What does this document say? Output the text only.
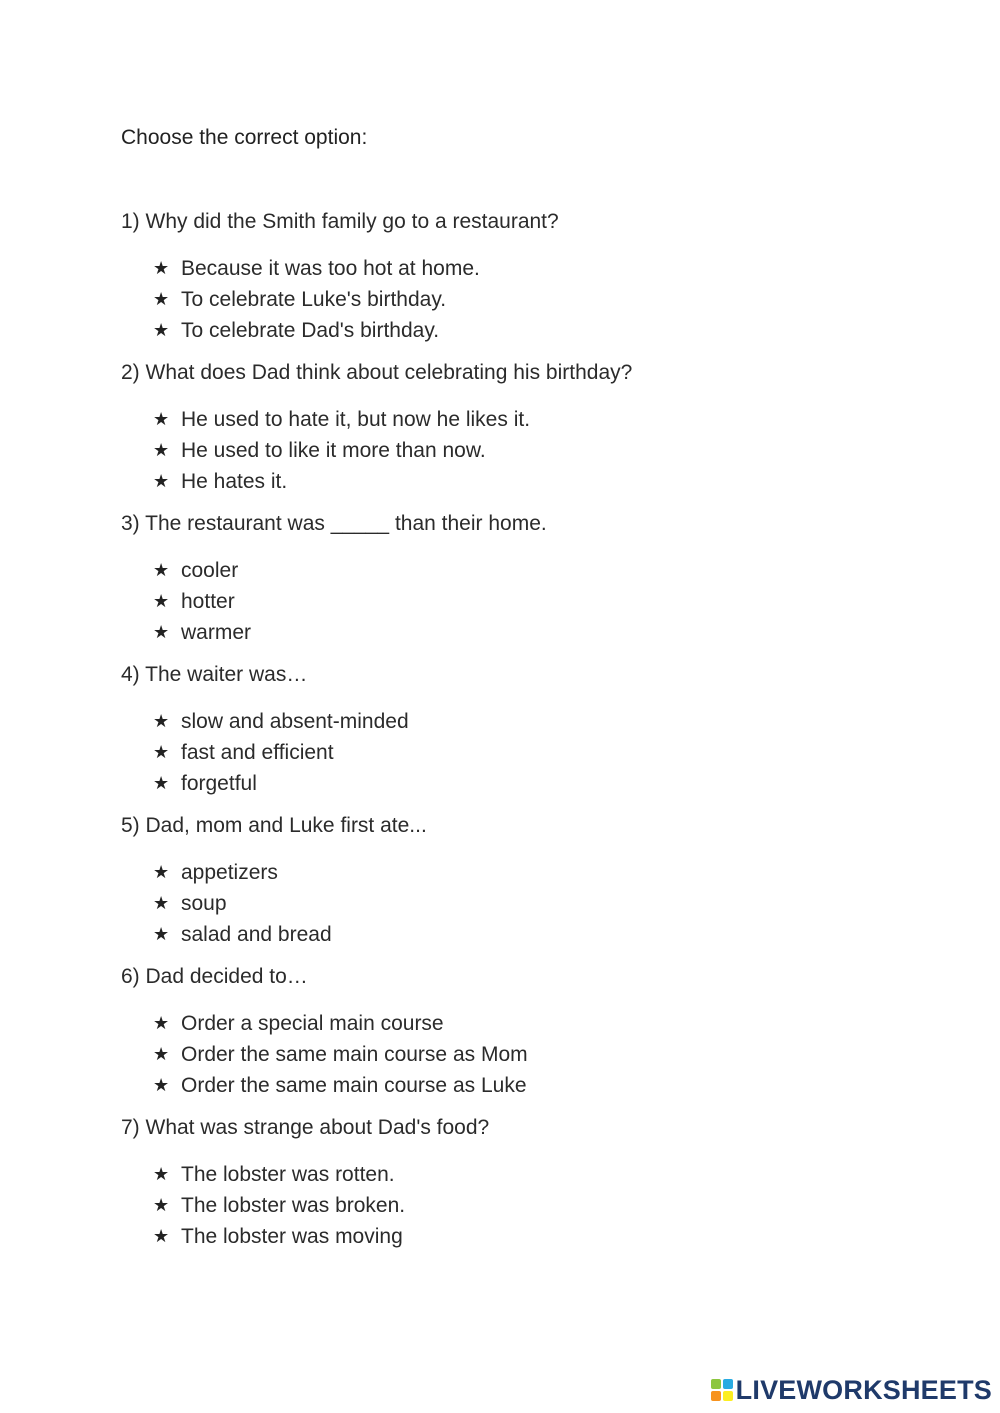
Choose the correct option:

1) Why did the Smith family go to a restaurant?

★ Because it was too hot at home.
★ To celebrate Luke's birthday.
★ To celebrate Dad's birthday.

2) What does Dad think about celebrating his birthday?

★ He used to hate it, but now he likes it.
★ He used to like it more than now.
★ He hates it.

3) The restaurant was _____ than their home.

★ cooler
★ hotter
★ warmer

4) The waiter was…

★ slow and absent-minded
★ fast and efficient
★ forgetful

5) Dad, mom and Luke first ate...

★ appetizers
★ soup
★ salad and bread

6) Dad decided to…

★ Order a special main course
★ Order the same main course as Mom
★ Order the same main course as Luke

7) What was strange about Dad's food?

★ The lobster was rotten.
★ The lobster was broken.
★ The lobster was moving
LIVEWORKSHEETS
